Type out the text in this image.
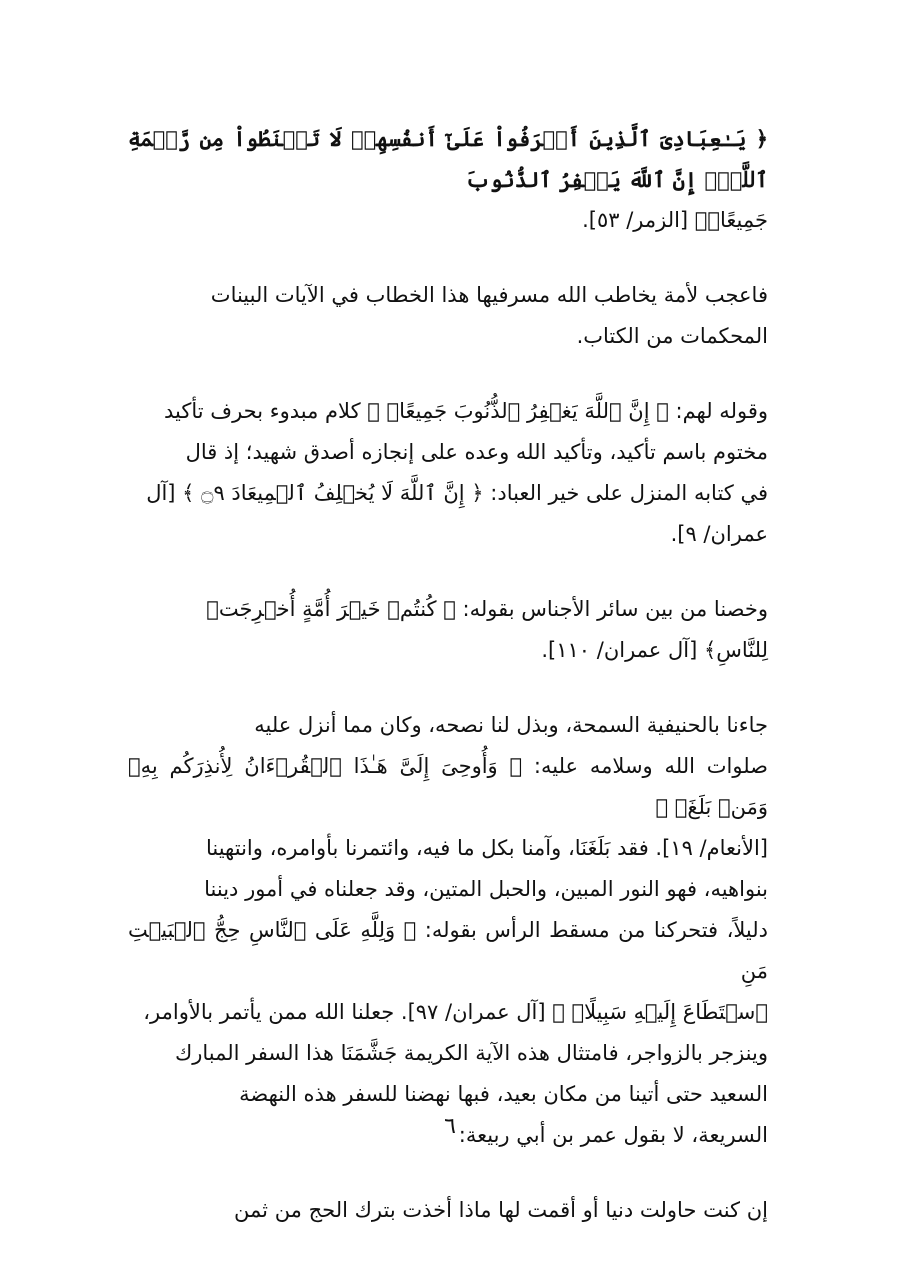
﴿ يَـٰعِبَادِىَ ٱلَّذِينَ أَسۡرَفُواْ عَلَىٰٓ أَنفُسِهِمۡ لَا تَقۡنَطُواْ مِن رَّحۡمَةِ ٱللَّهِۚ إِنَّ ٱللَّهَ يَغۡفِرُ ٱلذُّنُوبَ
جَمِيعًاۚ﴾ [الزمر/ ٥٣].

فاعجب لأمة يخاطب الله مسرفيها هذا الخطاب في الآيات البينات
المحكمات من الكتاب.

وقوله لهم: ﴿ إِنَّ ٱللَّهَ يَغۡفِرُ ٱلذُّنُوبَ جَمِيعًاۚ ﴾ كلام مبدوء بحرف تأكيد
مختوم باسم تأكيد، وتأكيد الله وعده على إنجازه أصدق شهيد؛ إذ قال
في كتابه المنزل على خير العباد: ﴿ إِنَّ ٱللَّهَ لَا يُخۡلِفُ ٱلۡمِيعَادَ ۝٩ ﴾ [آل
عمران/ ٩].

وخصنا من بين سائر الأجناس بقوله: ﴿ كُنتُمۡ خَيۡرَ أُمَّةٍ أُخۡرِجَتۡ
لِلنَّاسِ﴾ [آل عمران/ ١١٠].

جاءنا بالحنيفية السمحة، وبذل لنا نصحه، وكان مما أنزل عليه
صلوات الله وسلامه عليه: ﴿ وَأُوحِىَ إِلَىَّ هَـٰذَا ٱلۡقُرۡءَانُ لِأُنذِرَكُم بِهِۦ وَمَنۢ بَلَغَۚ ﴾
[الأنعام/ ١٩]. فقد بَلَغَنَا، وآمنا بكل ما فيه، وائتمرنا بأوامره، وانتهينا
بنواهيه، فهو النور المبين، والحبل المتين، وقد جعلناه في أمور ديننا
دليلاً، فتحركنا من مسقط الرأس بقوله: ﴿ وَلِلَّهِ عَلَى ٱلنَّاسِ حِجُّ ٱلۡبَيۡتِ مَنِ
ٱسۡتَطَاعَ إِلَيۡهِ سَبِيلًاۚ ﴾ [آل عمران/ ٩٧]. جعلنا الله ممن يأتمر بالأوامر،
وينزجر بالزواجر، فامتثال هذه الآية الكريمة جَشَّمَنَا هذا السفر المبارك
السعيد حتى أتينا من مكان بعيد، فبها نهضنا للسفر هذه النهضة
السريعة، لا بقول عمر بن أبي ربيعة:

إن كنت حاولت دنيا أو أقمت لها ماذا أخذت بترك الحج من ثمن

٦
